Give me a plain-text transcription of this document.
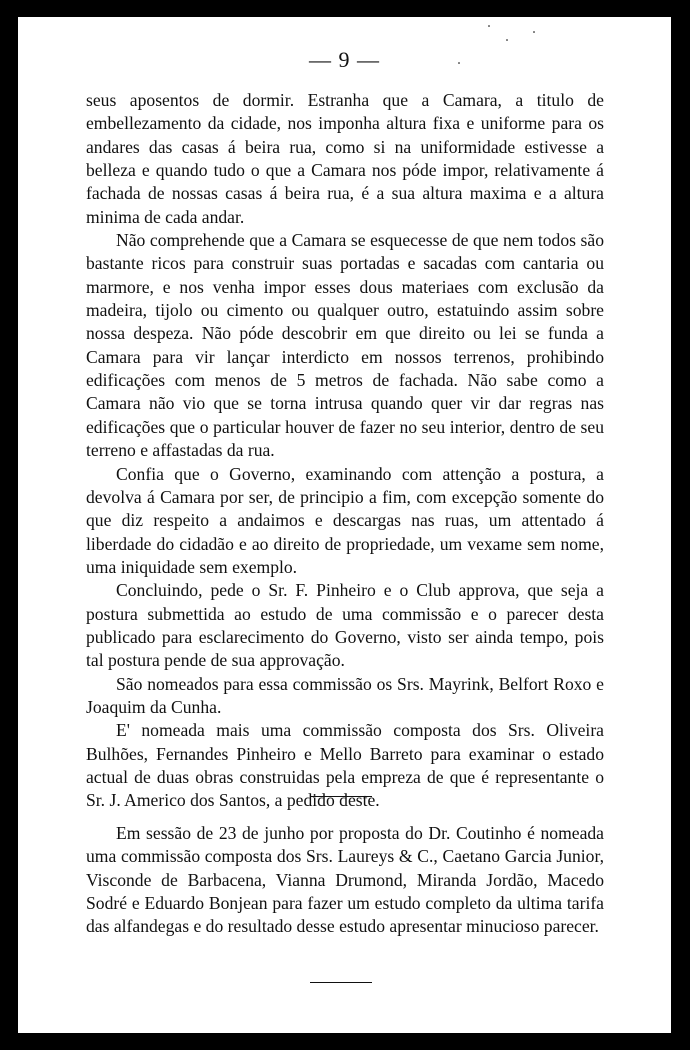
— 9 —

seus aposentos de dormir. Estranha que a Camara, a titulo de embellezamento da cidade, nos imponha altura fixa e uniforme para os andares das casas á beira rua, como si na uniformidade estivesse a belleza e quando tudo o que a Camara nos póde impor, relativamente á fachada de nossas casas á beira rua, é a sua altura maxima e a altura minima de cada andar.

Não comprehende que a Camara se esquecesse de que nem todos são bastante ricos para construir suas portadas e sacadas com cantaria ou marmore, e nos venha impor esses dous materiaes com exclusão da madeira, tijolo ou cimento ou qualquer outro, estatuindo assim sobre nossa despeza. Não póde descobrir em que direito ou lei se funda a Camara para vir lançar interdicto em nossos terrenos, prohibindo edificações com menos de 5 metros de fachada. Não sabe como a Camara não vio que se torna intrusa quando quer vir dar regras nas edificações que o particular houver de fazer no seu interior, dentro de seu terreno e affastadas da rua.

Confia que o Governo, examinando com attenção a postura, a devolva á Camara por ser, de principio a fim, com excepção somente do que diz respeito a andaimos e descargas nas ruas, um attentado á liberdade do cidadão e ao direito de propriedade, um vexame sem nome, uma iniquidade sem exemplo.

Concluindo, pede o Sr. F. Pinheiro e o Club approva, que seja a postura submettida ao estudo de uma commissão e o parecer desta publicado para esclarecimento do Governo, visto ser ainda tempo, pois tal postura pende de sua approvação.

São nomeados para essa commissão os Srs. Mayrink, Belfort Roxo e Joaquim da Cunha.

E' nomeada mais uma commissão composta dos Srs. Oliveira Bulhões, Fernandes Pinheiro e Mello Barreto para examinar o estado actual de duas obras construidas pela empreza de que é representante o Sr. J. Americo dos Santos, a pedido deste.

Em sessão de 23 de junho por proposta do Dr. Coutinho é nomeada uma commissão composta dos Srs. Laureys & C., Caetano Garcia Junior, Visconde de Barbacena, Vianna Drumond, Miranda Jordão, Macedo Sodré e Eduardo Bonjean para fazer um estudo completo da ultima tarifa das alfandegas e do resultado desse estudo apresentar minucioso parecer.
